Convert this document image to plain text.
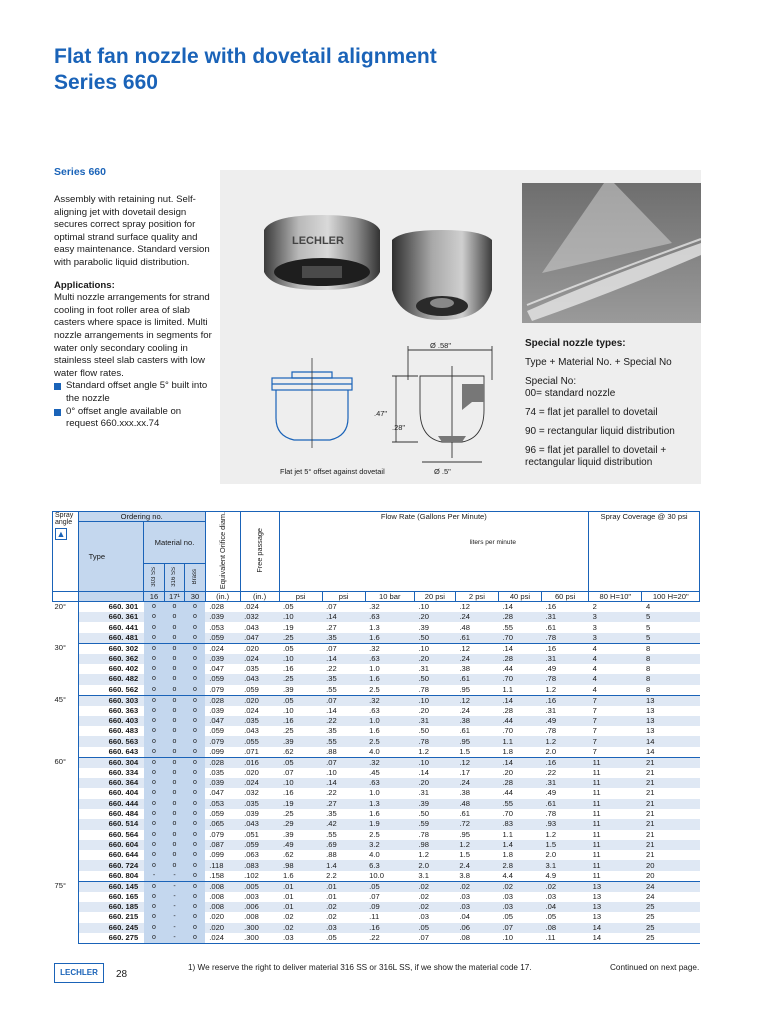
Flat fan nozzle with dovetail alignment
Series 660
Series 660

Assembly with retaining nut. Self-aligning jet with dovetail design secures correct spray position for optimal strand surface quality and easy maintenance. Standard version with parabolic liquid distribution.

Applications:

Multi nozzle arrangements for strand cooling in foot roller area of slab casters where space is limited. Multi nozzle arrangements in segments for water only secondary cooling in stainless steel slab casters with low water flow rates.

Standard offset angle 5° built into the nozzle
0° offset angle available on request 660.xxx.xx.74
LECHLER
Ø .58"
.47"
.28"
Ø .5"
Flat jet 5° offset against dovetail

Special nozzle types:

Type + Material No. + Special No

Special No:

00= standard nozzle

74 = flat jet parallel to dovetail

90 = rectangular liquid distribution

96 = flat jet parallel to dovetail + rectangular liquid distribution

Spray angle
▲	Ordering no.				Equivalent Orifice diam.	Free passage	Flow Rate (Gallons Per Minute)							Spray Coverage @ 30 psi	
	Type	Material no.					liters per minute								
		303 SS	316 SS	Brass											
		16	17¹	30	(in.)	(in.)	psi	psi	10 bar	20 psi	2 psi	40 psi	60 psi	80 H=10"	100 H=20"
20°	660. 301	o	o	o	.028	.024	.05	.07	.32	.10	.12	.14	.16	2	4
	660. 361	o	o	o	.039	.032	.10	.14	.63	.20	.24	.28	.31	3	5
	660. 441	o	o	o	.053	.043	.19	.27	1.3	.39	.48	.55	.61	3	5
	660. 481	o	o	o	.059	.047	.25	.35	1.6	.50	.61	.70	.78	3	5
30°	660. 302	o	o	o	.024	.020	.05	.07	.32	.10	.12	.14	.16	4	8
	660. 362	o	o	o	.039	.024	.10	.14	.63	.20	.24	.28	.31	4	8
	660. 402	o	o	o	.047	.035	.16	.22	1.0	.31	.38	.44	.49	4	8
	660. 482	o	o	o	.059	.043	.25	.35	1.6	.50	.61	.70	.78	4	8
	660. 562	o	o	o	.079	.059	.39	.55	2.5	.78	.95	1.1	1.2	4	8
45°	660. 303	o	o	o	.028	.020	.05	.07	.32	.10	.12	.14	.16	7	13
	660. 363	o	o	o	.039	.024	.10	.14	.63	.20	.24	.28	.31	7	13
	660. 403	o	o	o	.047	.035	.16	.22	1.0	.31	.38	.44	.49	7	13
	660. 483	o	o	o	.059	.043	.25	.35	1.6	.50	.61	.70	.78	7	13
	660. 563	o	o	o	.079	.055	.39	.55	2.5	.78	.95	1.1	1.2	7	14
	660. 643	o	o	o	.099	.071	.62	.88	4.0	1.2	1.5	1.8	2.0	7	14
60°	660. 304	o	o	o	.028	.016	.05	.07	.32	.10	.12	.14	.16	11	21
	660. 334	o	o	o	.035	.020	.07	.10	.45	.14	.17	.20	.22	11	21
	660. 364	o	o	o	.039	.024	.10	.14	.63	.20	.24	.28	.31	11	21
	660. 404	o	o	o	.047	.032	.16	.22	1.0	.31	.38	.44	.49	11	21
	660. 444	o	o	o	.053	.035	.19	.27	1.3	.39	.48	.55	.61	11	21
	660. 484	o	o	o	.059	.039	.25	.35	1.6	.50	.61	.70	.78	11	21
	660. 514	o	o	o	.065	.043	.29	.42	1.9	.59	.72	.83	.93	11	21
	660. 564	o	o	o	.079	.051	.39	.55	2.5	.78	.95	1.1	1.2	11	21
	660. 604	o	o	o	.087	.059	.49	.69	3.2	.98	1.2	1.4	1.5	11	21
	660. 644	o	o	o	.099	.063	.62	.88	4.0	1.2	1.5	1.8	2.0	11	21
	660. 724	o	o	o	.118	.083	.98	1.4	6.3	2.0	2.4	2.8	3.1	11	20
	660. 804	-	-	o	.158	.102	1.6	2.2	10.0	3.1	3.8	4.4	4.9	11	20
75°	660. 145	o	-	o	.008	.005	.01	.01	.05	.02	.02	.02	.02	13	24
	660. 165	o	-	o	.008	.003	.01	.01	.07	.02	.03	.03	.03	13	24
	660. 185	o	-	o	.008	.006	.01	.02	.09	.02	.03	.03	.04	13	25
	660. 215	o	-	o	.020	.008	.02	.02	.11	.03	.04	.05	.05	13	25
	660. 245	o	-	o	.020	.300	.02	.03	.16	.05	.06	.07	.08	14	25
	660. 275	o	-	o	.024	.300	.03	.05	.22	.07	.08	.10	.11	14	25
LECHLER	28
1) We reserve the right to deliver material 316 SS or 316L SS, if we show the material code 17.	Continued on next page.
